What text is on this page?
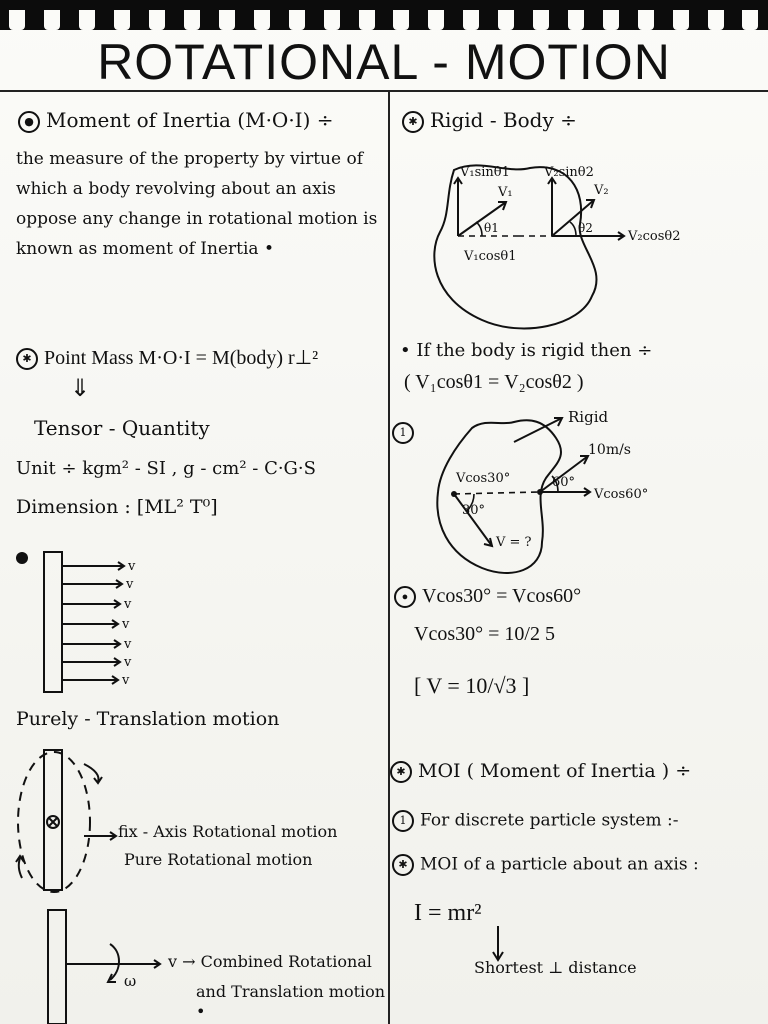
ROTATIONAL - MOTION
● Moment of Inertia (M·O·I) ÷
the measure of the property by virtue of which a body revolving about an axis oppose any change in rotational motion is known as moment of Inertia •
✱ Point Mass M·O·I = M(body) r⊥²
⇓
Tensor - Quantity
Unit ÷ kgm² - SI , g - cm² - C·G·S
Dimension : [ML² T⁰]
v
v
v
v
v
v
v
Purely - Translation motion
fix - Axis Rotational motion
Pure Rotational motion
ω
v → Combined Rotational
and Translation motion •
✱ Rigid - Body ÷
V₁sinθ1	V₂sinθ2
V₁	V₂
θ1	θ2
V₁cosθ1
V₂cosθ2
• If the body is rigid then ÷
( V₁cosθ1 = V₂cosθ2 )
1
Rigid
10m/s
Vcos30°
30°
60°
Vcos60°
V = ?
● Vcos30° = Vcos60°
Vcos30° = 10/2 5
[ V = 10/√3 ]
✱ MOI ( Moment of Inertia ) ÷
1 For discrete particle system :-
✱ MOI of a particle about an axis :
I = mr²
Shortest ⊥ distance
